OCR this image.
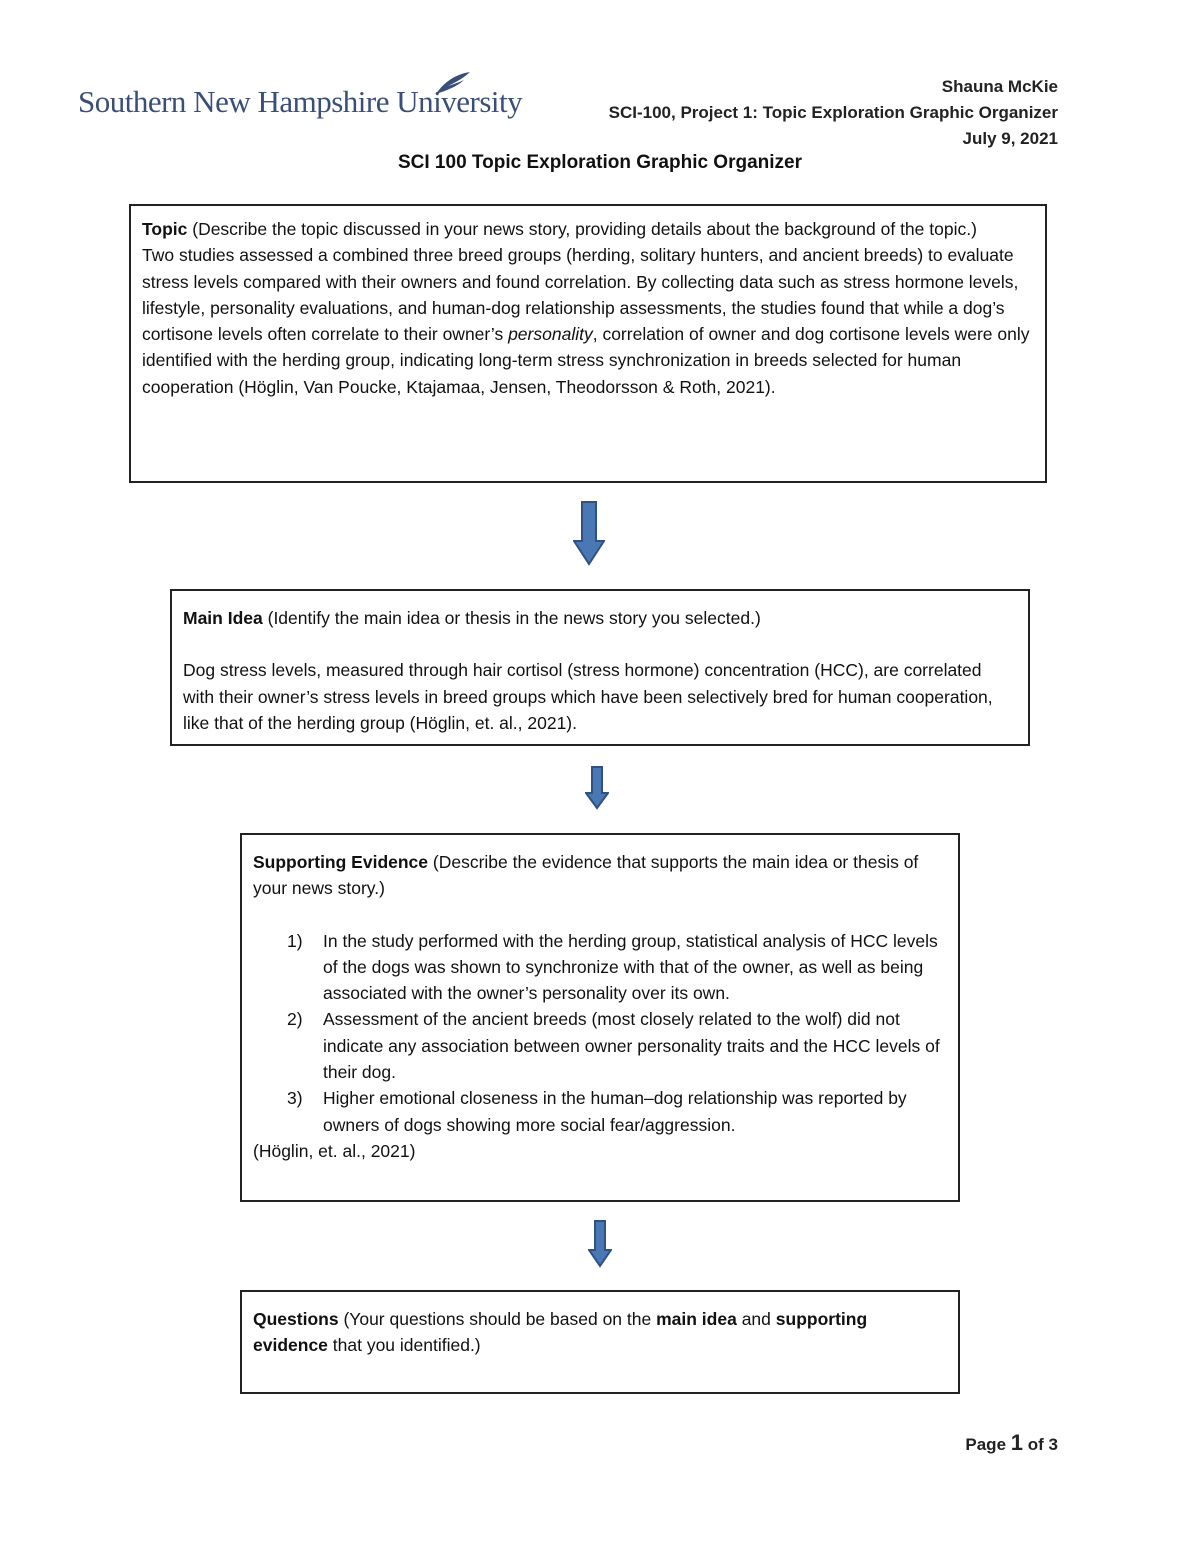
Southern New Hampshire University	Shauna McKie
SCI-100, Project 1: Topic Exploration Graphic Organizer
July 9, 2021
SCI 100 Topic Exploration Graphic Organizer

Topic (Describe the topic discussed in your news story, providing details about the background of the topic.)

Two studies assessed a combined three breed groups (herding, solitary hunters, and ancient breeds) to evaluate stress levels compared with their owners and found correlation. By collecting data such as stress hormone levels, lifestyle, personality evaluations, and human-dog relationship assessments, the studies found that while a dog’s cortisone levels often correlate to their owner’s personality, correlation of owner and dog cortisone levels were only identified with the herding group, indicating long-term stress synchronization in breeds selected for human cooperation (Höglin, Van Poucke, Ktajamaa, Jensen, Theodorsson & Roth, 2021).

Main Idea (Identify the main idea or thesis in the news story you selected.)

Dog stress levels, measured through hair cortisol (stress hormone) concentration (HCC), are correlated with their owner’s stress levels in breed groups which have been selectively bred for human cooperation, like that of the herding group (Höglin, et. al., 2021).

Supporting Evidence (Describe the evidence that supports the main idea or thesis of your news story.)

1) In the study performed with the herding group, statistical analysis of HCC levels of the dogs was shown to synchronize with that of the owner, as well as being associated with the owner’s personality over its own.
2) Assessment of the ancient breeds (most closely related to the wolf) did not indicate any association between owner personality traits and the HCC levels of their dog.
3) Higher emotional closeness in the human–dog relationship was reported by owners of dogs showing more social fear/aggression.

(Höglin, et. al., 2021)

Questions (Your questions should be based on the main idea and supporting evidence that you identified.)

Page 1 of 3
